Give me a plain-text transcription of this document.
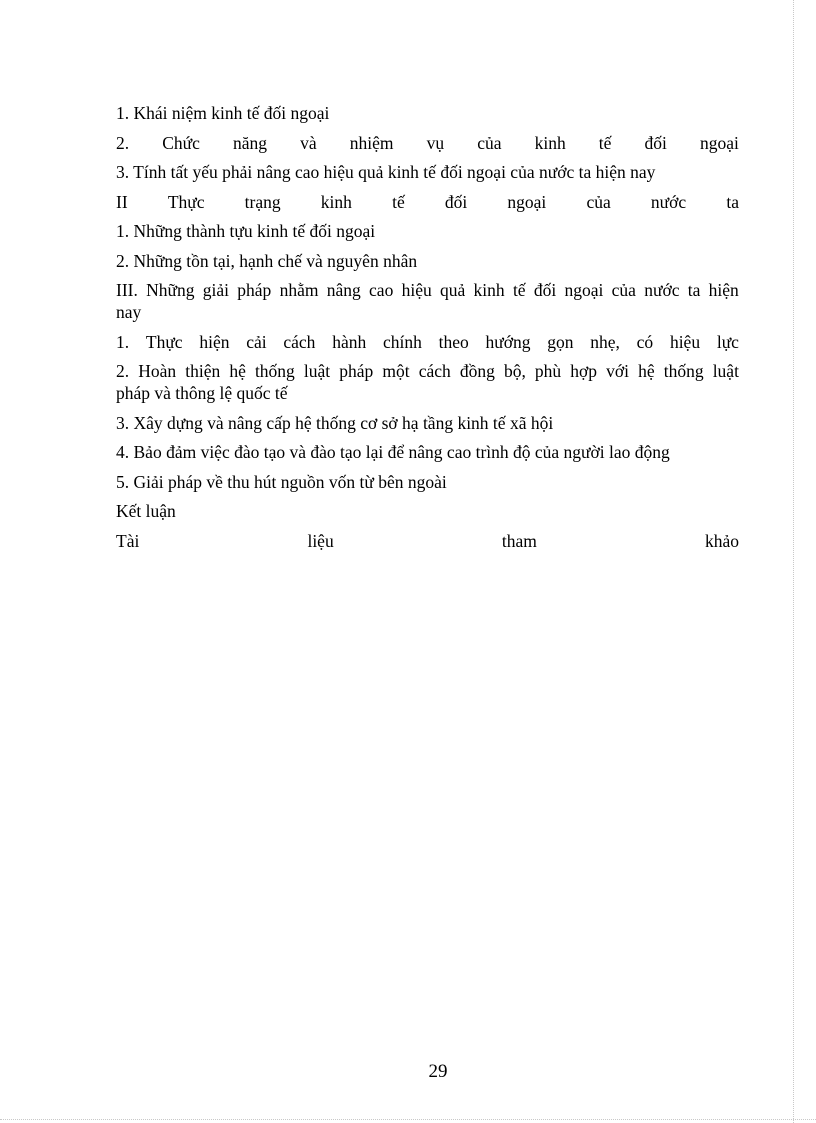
1. Khái niệm kinh tế đối ngoại
2. Chức năng và nhiệm vụ của kinh tế đối ngoại
3. Tính tất yếu phải nâng cao hiệu quả kinh tế đối ngoại của nước ta hiện nay
II Thực trạng kinh tế đối ngoại của nước ta
1. Những thành tựu kinh tế đối ngoại
2. Những tồn tại, hạnh chế và nguyên nhân
III. Những giải pháp nhằm nâng cao hiệu quả kinh tế đối ngoại của nước ta hiện
nay
1. Thực hiện cải cách hành chính theo hướng gọn nhẹ, có hiệu lực
2. Hoàn thiện hệ thống luật pháp một cách đồng bộ, phù hợp với hệ thống luật
pháp và thông lệ quốc tế
3. Xây dựng và nâng cấp hệ thống cơ sở hạ tầng kinh tế xã hội
4. Bảo đảm việc đào tạo và đào tạo lại để nâng cao trình độ của người lao động
5. Giải pháp về thu hút nguồn vốn từ bên ngoài
Kết luận
Tài	liệu	tham	khảo
29
